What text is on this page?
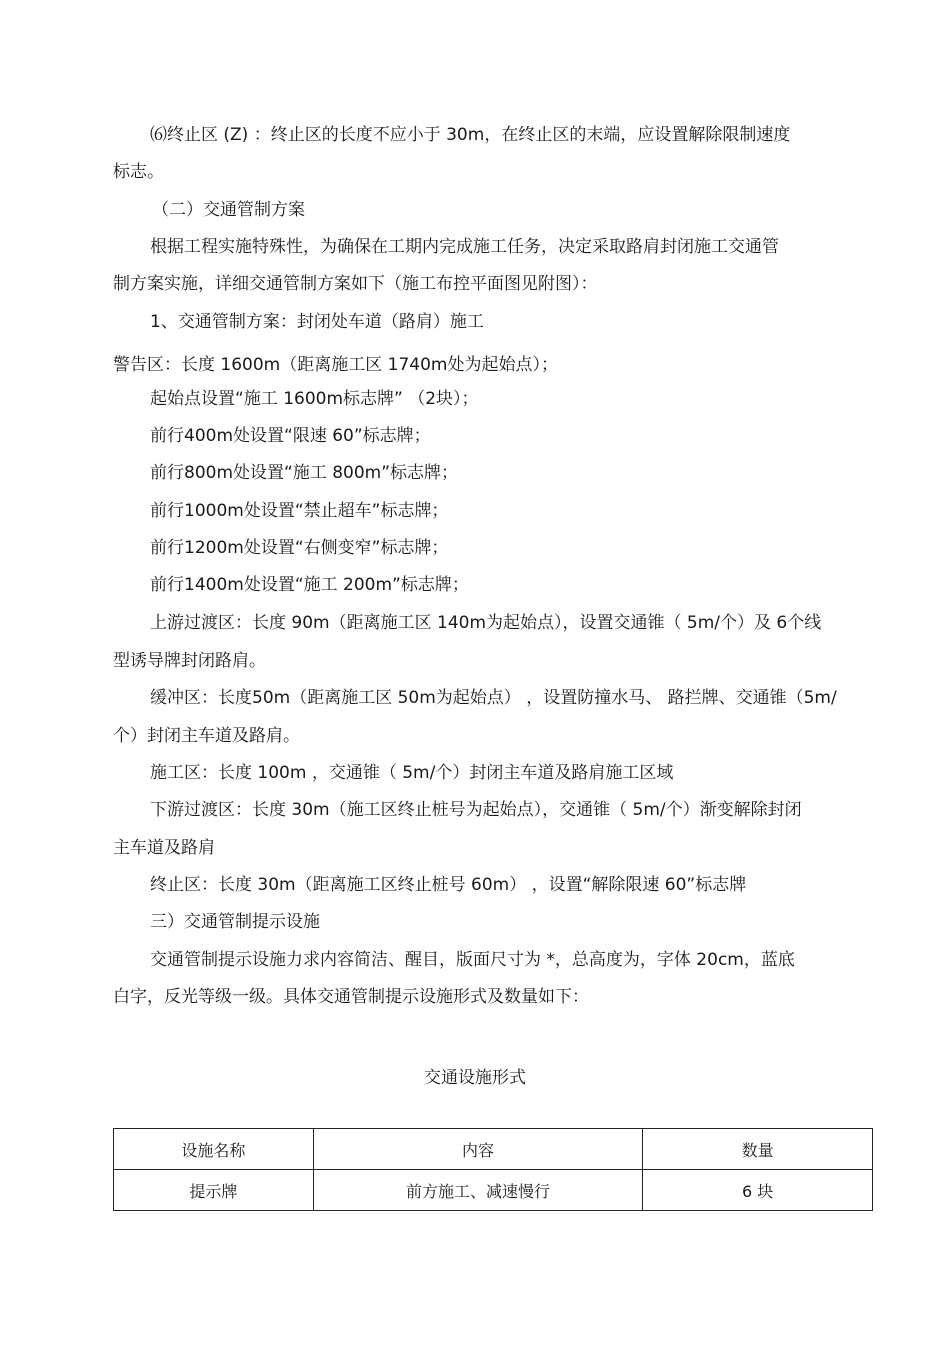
⑹终止区 (Z) ：终止区的长度不应小于 30m，在终止区的末端，应设置解除限制速度
标志。
（二）交通管制方案
根据工程实施特殊性，为确保在工期内完成施工任务，决定采取路肩封闭施工交通管
制方案实施，详细交通管制方案如下（施工布控平面图见附图）：
1、交通管制方案：封闭处车道（路肩）施工
警告区：长度 1600m（距离施工区 1740m处为起始点）；
起始点设置“施工 1600m标志牌” （2块）；
前行400m处设置“限速 60”标志牌；
前行800m处设置“施工 800m”标志牌；
前行1000m处设置“禁止超车”标志牌；
前行1200m处设置“右侧变窄”标志牌；
前行1400m处设置“施工 200m”标志牌；
上游过渡区：长度 90m（距离施工区 140m为起始点），设置交通锥（ 5m/个）及 6个线
型诱导牌封闭路肩。
缓冲区：长度50m（距离施工区 50m为起始点） ，设置防撞水马、 路拦牌、交通锥（5m/
个）封闭主车道及路肩。
施工区：长度 100m ，交通锥（ 5m/个）封闭主车道及路肩施工区域
下游过渡区：长度 30m（施工区终止桩号为起始点），交通锥（ 5m/个）渐变解除封闭
主车道及路肩
终止区：长度 30m（距离施工区终止桩号 60m） ，设置“解除限速 60”标志牌
三）交通管制提示设施
交通管制提示设施力求内容简洁、醒目，版面尺寸为 *，总高度为，字体 20cm，蓝底
白字，反光等级一级。具体交通管制提示设施形式及数量如下：
交通设施形式
设施名称	内容	数量
提示牌	前方施工、减速慢行	6 块
